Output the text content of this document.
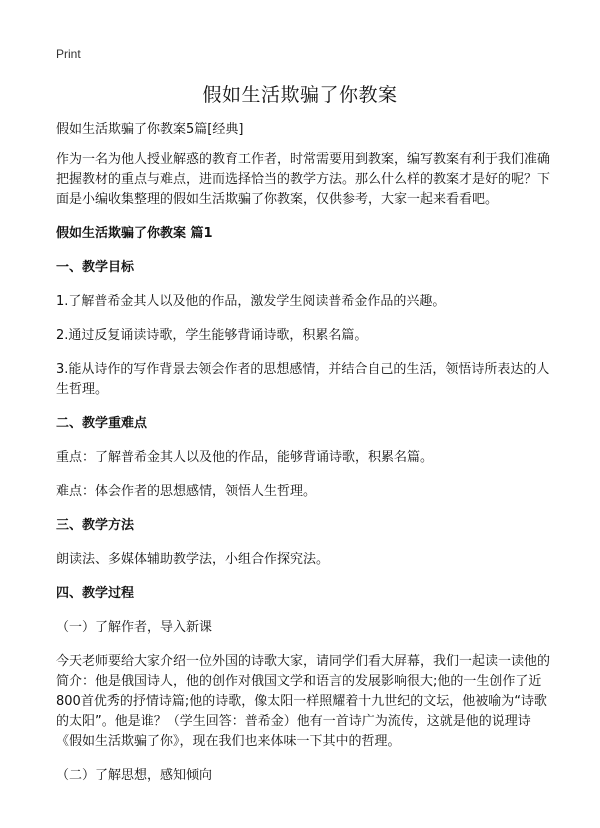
Print
假如生活欺骗了你教案

假如生活欺骗了你教案5篇[经典]

作为一名为他人授业解惑的教育工作者，时常需要用到教案，编写教案有利于我们准确把握教材的重点与难点，进而选择恰当的教学方法。那么什么样的教案才是好的呢？下面是小编收集整理的假如生活欺骗了你教案，仅供参考，大家一起来看看吧。

假如生活欺骗了你教案 篇1

一、教学目标

1.了解普希金其人以及他的作品，激发学生阅读普希金作品的兴趣。

2.通过反复诵读诗歌，学生能够背诵诗歌，积累名篇。

3.能从诗作的写作背景去领会作者的思想感情，并结合自己的生活，领悟诗所表达的人生哲理。

二、教学重难点

重点：了解普希金其人以及他的作品，能够背诵诗歌，积累名篇。

难点：体会作者的思想感情，领悟人生哲理。

三、教学方法

朗读法、多媒体辅助教学法，小组合作探究法。

四、教学过程

（一）了解作者，导入新课

今天老师要给大家介绍一位外国的诗歌大家，请同学们看大屏幕，我们一起读一读他的简介：他是俄国诗人，他的创作对俄国文学和语言的发展影响很大;他的一生创作了近800首优秀的抒情诗篇;他的诗歌，像太阳一样照耀着十九世纪的文坛，他被喻为“诗歌的太阳”。他是谁？（学生回答：普希金）他有一首诗广为流传，这就是他的说理诗《假如生活欺骗了你》，现在我们也来体味一下其中的哲理。

（二）了解思想，感知倾向
